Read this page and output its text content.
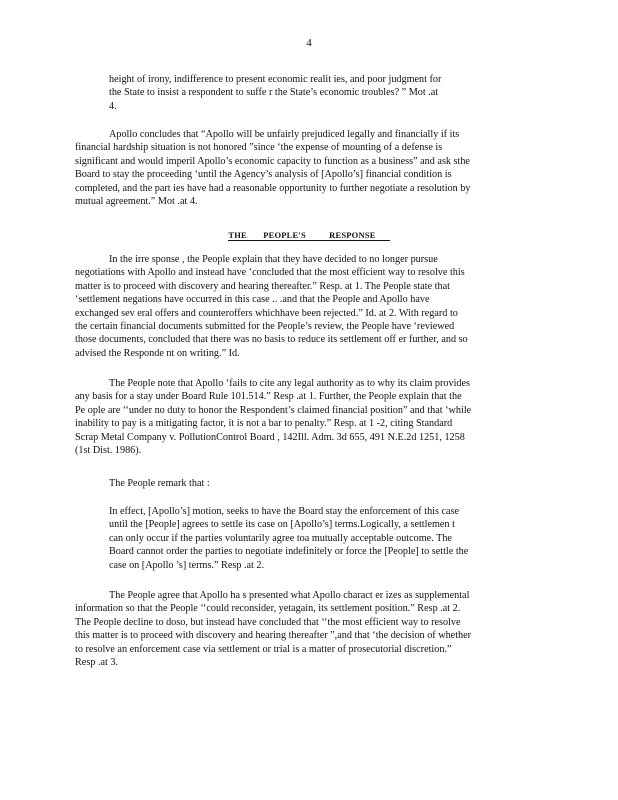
4
height of irony, indifference to present economic realit ies, and poor judgment for
the State to insist a respondent to suffe r the State’s economic troubles? ” Mot .at
4.
Apollo concludes that “Apollo will be unfairly prejudiced legally and financially if its
financial hardship situation is not honored ”since ‘the expense of mounting of a defense is
significant and would imperil Apollo’s economic capacity to function as a business” and ask sthe
Board to stay the proceeding ‘until the Agency’s analysis of [Apollo’s] financial condition is
completed, and the part ies have had a reasonable opportunity to further negotiate a resolution by
mutual agreement.” Mot .at 4.
THE       PEOPLE'S          RESPONSE
In the irre sponse , the People explain that they have decided to no longer pursue
negotiations with Apollo and instead have ‘concluded that the most efficient way to resolve this
matter is to proceed with discovery and hearing thereafter.” Resp. at 1. The People state that
‘settlement negations have occurred in this case .. .and that the People and Apollo have
exchanged sev eral offers and counteroffers whichhave been rejected.” Id. at 2. With regard to
the certain financial documents submitted for the People’s review, the People have ‘reviewed
those documents, concluded that there was no basis to reduce its settlement off er further, and so
advised the Responde nt on writing.” Id.
The People note that Apollo ‘fails to cite any legal authority as to why its claim provides
any basis for a stay under Board Rule 101.514.” Resp .at 1. Further, the People explain that the
Pe ople are ‘‘under no duty to honor the Respondent’s claimed financial position” and that ‘while
inability to pay is a mitigating factor, it is not a bar to penalty.” Resp. at 1 -2, citing Standard
Scrap Metal Company v. PollutionControl Board , 142Ill. Adm. 3d 655, 491 N.E.2d 1251, 1258
(1st Dist. 1986).
The People remark that :
In effect, [Apollo’s] motion, seeks to have the Board stay the enforcement of this case
until the [People] agrees to settle its case on [Apollo’s] terms.Logically, a settlemen t
can only occur if the parties voluntarily agree toa mutually acceptable outcome. The
Board cannot order the parties to negotiate indefinitely or force the [People] to settle the
case on [Apollo ’s] terms.” Resp .at 2.
The People agree that Apollo ha s presented what Apollo charact er izes as supplemental
information so that the People ‘‘could reconsider, yetagain, its settlement position.” Resp .at 2.
The People decline to doso, but instead have concluded that ‘‘the most efficient way to resolve
this matter is to proceed with discovery and hearing thereafter ”,and that ‘the decision of whether
to resolve an enforcement case via settlement or trial is a matter of prosecutorial discretion.”
Resp .at 3.
